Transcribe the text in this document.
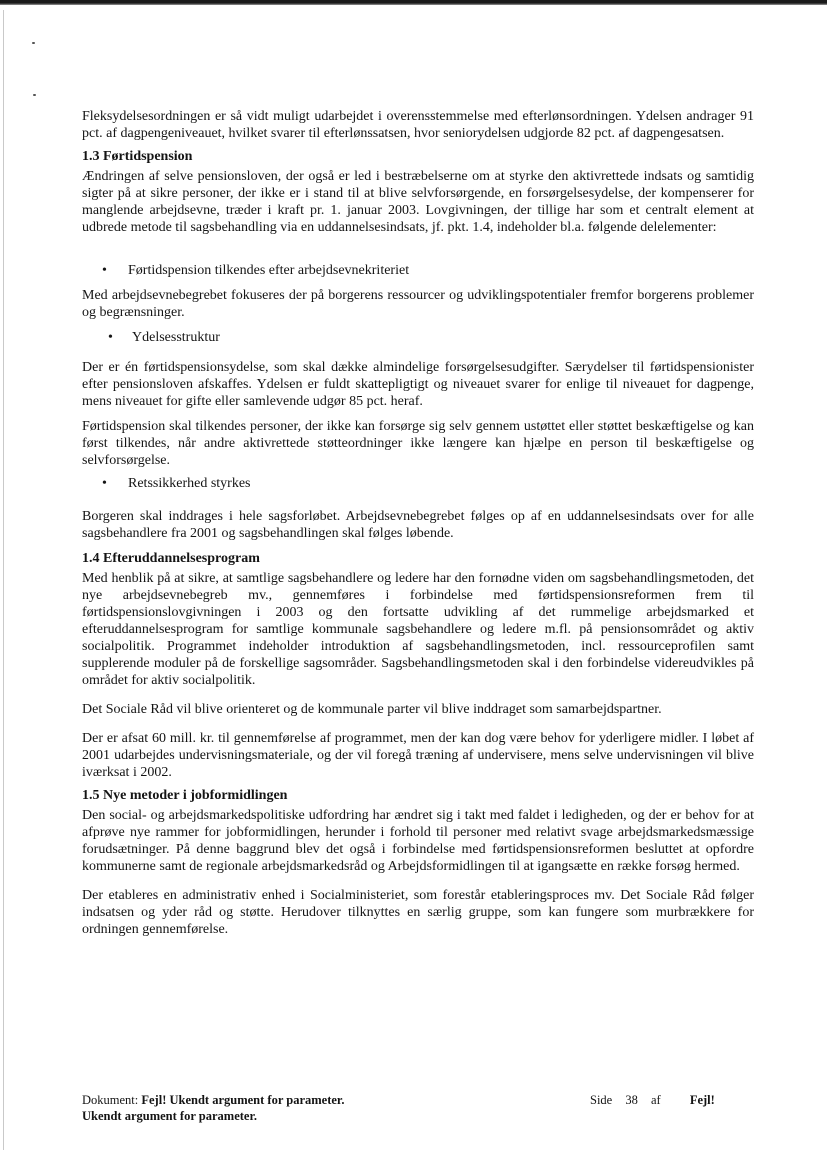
Fleksydelsesordningen er så vidt muligt udarbejdet i overensstemmelse med efterlønsordningen. Ydelsen andrager 91 pct. af dagpengeniveauet, hvilket svarer til efterlønssatsen, hvor seniorydelsen udgjorde 82 pct. af dagpengesatsen.

1.3 Førtidspension

Ændringen af selve pensionsloven, der også er led i bestræbelserne om at styrke den aktivrettede indsats og samtidig sigter på at sikre personer, der ikke er i stand til at blive selvforsørgende, en forsørgelsesydelse, der kompenserer for manglende arbejdsevne, træder i kraft pr. 1. januar 2003. Lovgivningen, der tillige har som et centralt element at udbrede metode til sagsbehandling via en uddannelsesindsats, jf. pkt. 1.4, indeholder bl.a. følgende delelementer:

• Førtidspension tilkendes efter arbejdsevnekriteriet

Med arbejdsevnebegrebet fokuseres der på borgerens ressourcer og udviklingspotentialer fremfor borgerens problemer og begrænsninger.

• Ydelsesstruktur

Der er én førtidspensionsydelse, som skal dække almindelige forsørgelsesudgifter. Særydelser til førtidspensionister efter pensionsloven afskaffes. Ydelsen er fuldt skattepligtigt og niveauet svarer for enlige til niveauet for dagpenge, mens niveauet for gifte eller samlevende udgør 85 pct. heraf.

Førtidspension skal tilkendes personer, der ikke kan forsørge sig selv gennem ustøttet eller støttet beskæftigelse og kan først tilkendes, når andre aktivrettede støtteordninger ikke længere kan hjælpe en person til beskæftigelse og selvforsørgelse.

• Retssikkerhed styrkes

Borgeren skal inddrages i hele sagsforløbet. Arbejdsevnebegrebet følges op af en uddannelsesindsats over for alle sagsbehandlere fra 2001 og sagsbehandlingen skal følges løbende.

1.4 Efteruddannelsesprogram

Med henblik på at sikre, at samtlige sagsbehandlere og ledere har den fornødne viden om sagsbehandlingsmetoden, det nye arbejdsevnebegreb mv., gennemføres i forbindelse med førtidspensionsreformen frem til førtidspensionslovgivningen i 2003 og den fortsatte udvikling af det rummelige arbejdsmarked et efteruddannelsesprogram for samtlige kommunale sagsbehandlere og ledere m.fl. på pensionsområdet og aktiv socialpolitik. Programmet indeholder introduktion af sagsbehandlingsmetoden, incl. ressourceprofilen samt supplerende moduler på de forskellige sagsområder. Sagsbehandlingsmetoden skal i den forbindelse videreudvikles på området for aktiv socialpolitik.

Det Sociale Råd vil blive orienteret og de kommunale parter vil blive inddraget som samarbejdspartner.

Der er afsat 60 mill. kr. til gennemførelse af programmet, men der kan dog være behov for yderligere midler. I løbet af 2001 udarbejdes undervisningsmateriale, og der vil foregå træning af undervisere, mens selve undervisningen vil blive iværksat i 2002.

1.5 Nye metoder i jobformidlingen

Den social- og arbejdsmarkedspolitiske udfordring har ændret sig i takt med faldet i ledigheden, og der er behov for at afprøve nye rammer for jobformidlingen, herunder i forhold til personer med relativt svage arbejdsmarkedsmæssige forudsætninger. På denne baggrund blev det også i forbindelse med førtidspensionsreformen besluttet at opfordre kommunerne samt de regionale arbejdsmarkedsråd og Arbejdsformidlingen til at igangsætte en række forsøg hermed.

Der etableres en administrativ enhed i Socialministeriet, som forestår etableringsproces mv. Det Sociale Råd følger indsatsen og yder råd og støtte. Herudover tilknyttes en særlig gruppe, som kan fungere som murbrækkere for ordningen gennemførelse.

Dokument: Fejl! Ukendt argument for parameter.
Ukendt argument for parameter.
Side 38 af Fejl!
